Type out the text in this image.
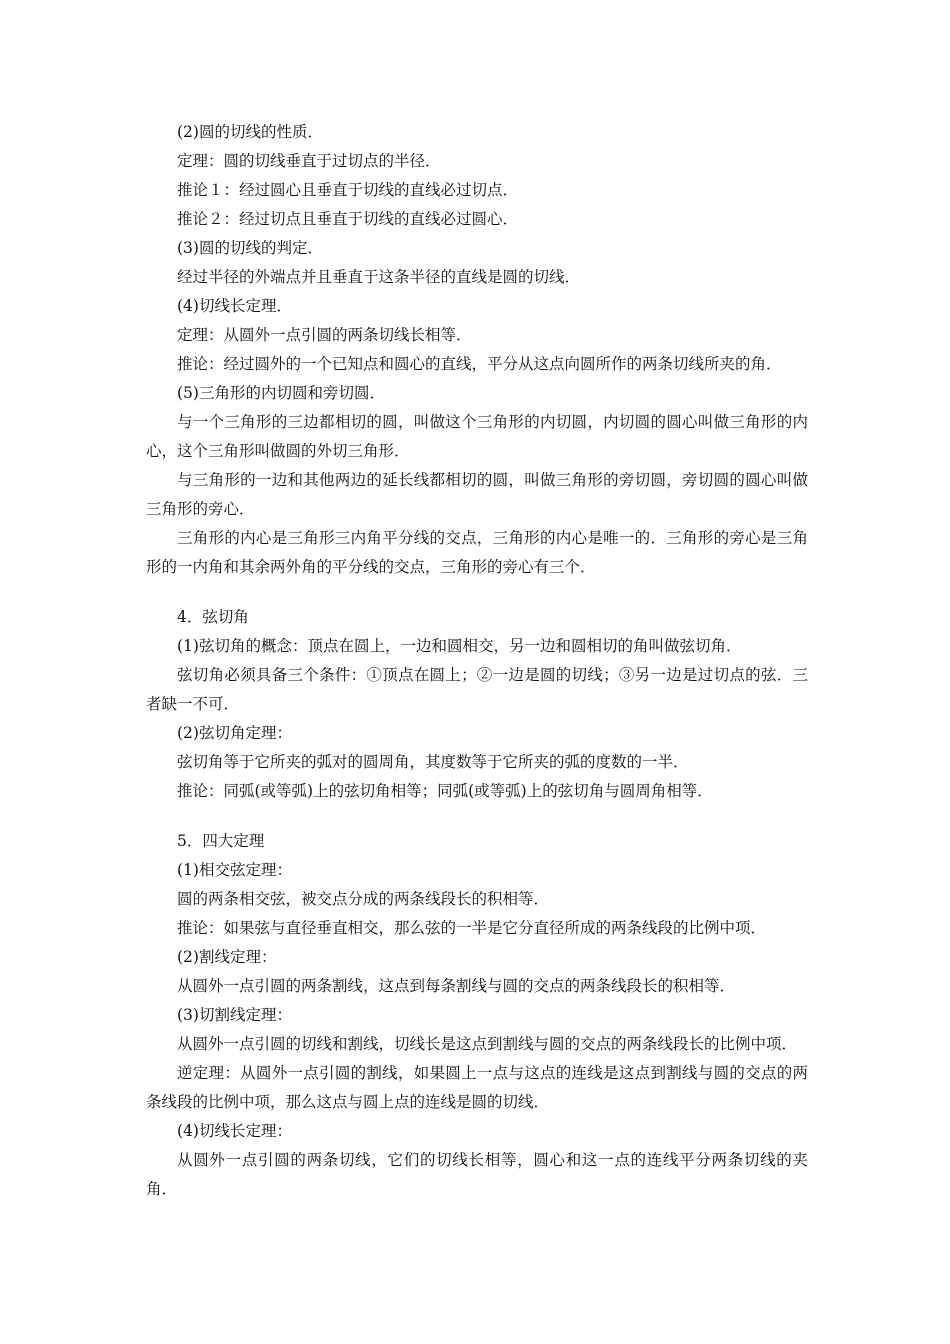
(2)圆的切线的性质．

定理：圆的切线垂直于过切点的半径．

推论１：经过圆心且垂直于切线的直线必过切点．

推论２：经过切点且垂直于切线的直线必过圆心．

(3)圆的切线的判定．

经过半径的外端点并且垂直于这条半径的直线是圆的切线．

(4)切线长定理．

定理：从圆外一点引圆的两条切线长相等．

推论：经过圆外的一个已知点和圆心的直线，平分从这点向圆所作的两条切线所夹的角．

(5)三角形的内切圆和旁切圆．

与一个三角形的三边都相切的圆，叫做这个三角形的内切圆，内切圆的圆心叫做三角形的内心，这个三角形叫做圆的外切三角形．

与三角形的一边和其他两边的延长线都相切的圆，叫做三角形的旁切圆，旁切圆的圆心叫做三角形的旁心．

三角形的内心是三角形三内角平分线的交点，三角形的内心是唯一的．三角形的旁心是三角形的一内角和其余两外角的平分线的交点，三角形的旁心有三个．

4．弦切角

(1)弦切角的概念：顶点在圆上，一边和圆相交，另一边和圆相切的角叫做弦切角．

弦切角必须具备三个条件：①顶点在圆上；②一边是圆的切线；③另一边是过切点的弦．三者缺一不可．

(2)弦切角定理：

弦切角等于它所夹的弧对的圆周角，其度数等于它所夹的弧的度数的一半．

推论：同弧(或等弧)上的弦切角相等；同弧(或等弧)上的弦切角与圆周角相等．

5．四大定理

(1)相交弦定理：

圆的两条相交弦，被交点分成的两条线段长的积相等．

推论：如果弦与直径垂直相交，那么弦的一半是它分直径所成的两条线段的比例中项．

(2)割线定理：

从圆外一点引圆的两条割线，这点到每条割线与圆的交点的两条线段长的积相等．

(3)切割线定理：

从圆外一点引圆的切线和割线，切线长是这点到割线与圆的交点的两条线段长的比例中项．

逆定理：从圆外一点引圆的割线，如果圆上一点与这点的连线是这点到割线与圆的交点的两条线段的比例中项，那么这点与圆上点的连线是圆的切线．

(4)切线长定理：

从圆外一点引圆的两条切线，它们的切线长相等，圆心和这一点的连线平分两条切线的夹角．
